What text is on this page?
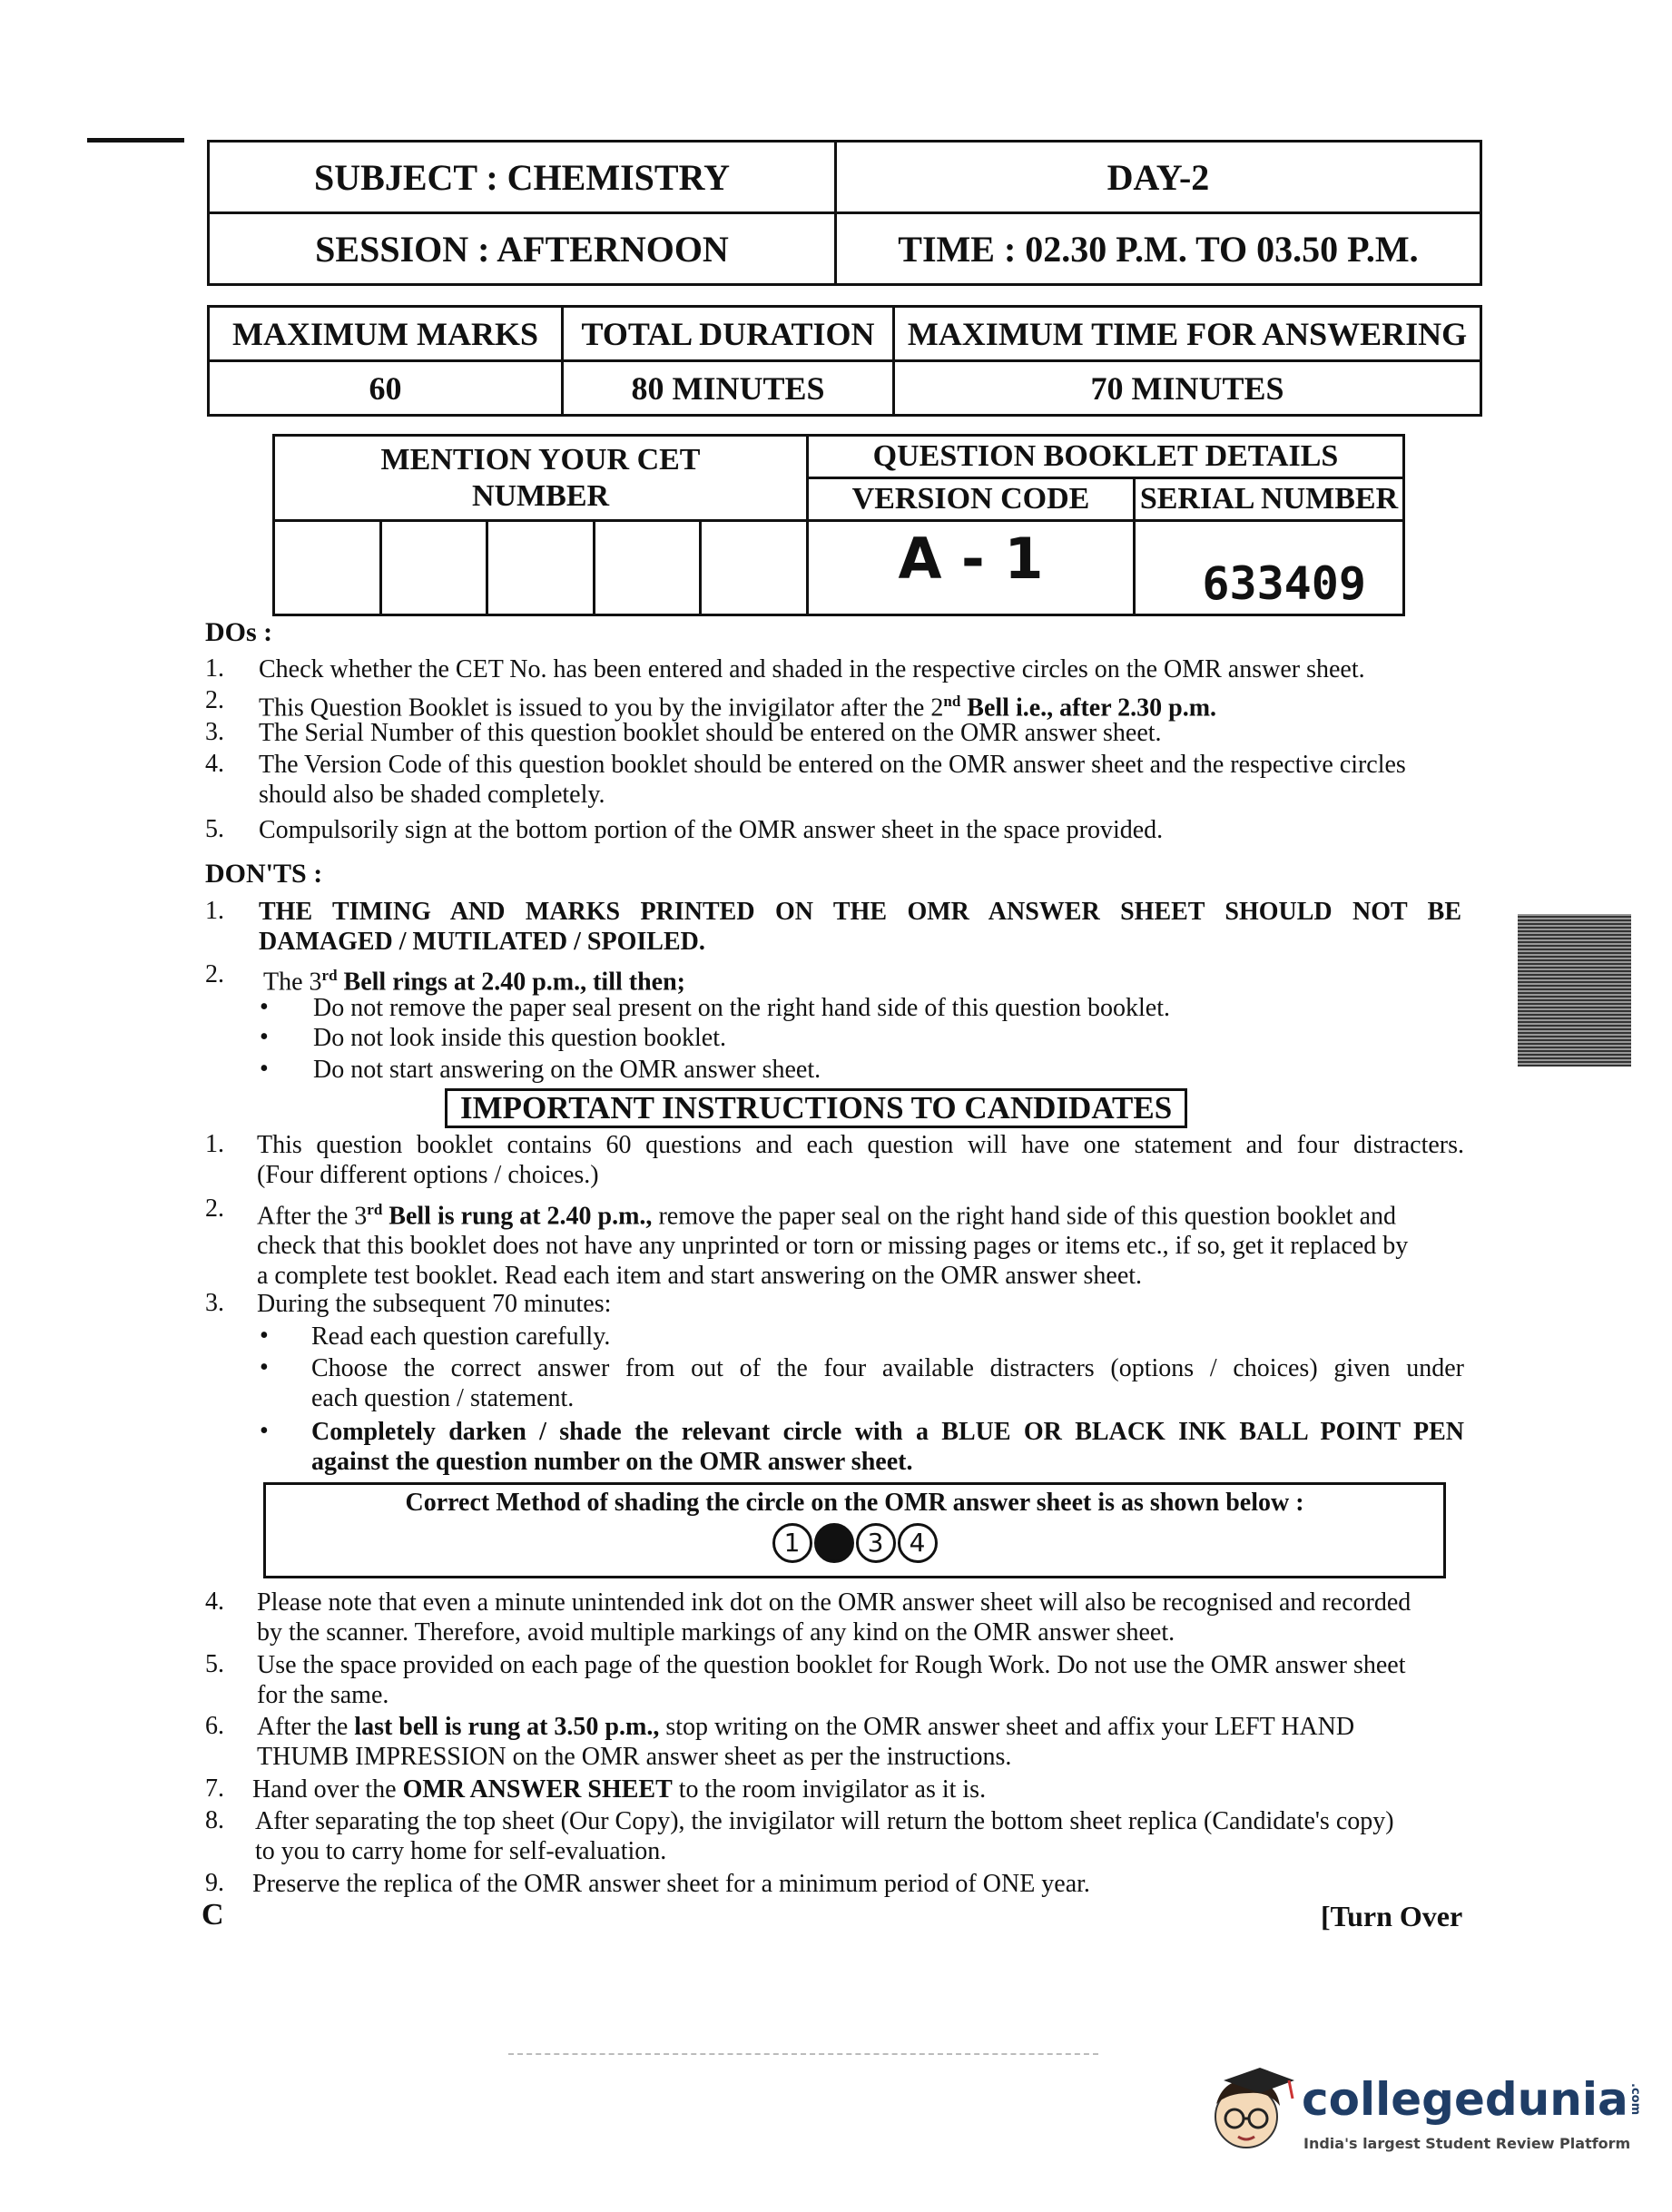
SUBJECT : CHEMISTRY	DAY-2
SESSION : AFTERNOON	TIME : 02.30 P.M. TO 03.50 P.M.
MAXIMUM MARKS	TOTAL DURATION	MAXIMUM TIME FOR ANSWERING
60	80 MINUTES	70 MINUTES
MENTION YOUR CET NUMBER					QUESTION BOOKLET DETAILS	
					VERSION CODE	SERIAL NUMBER
					A - 1	633409
DOs :
1. Check whether the CET No. has been entered and shaded in the respective circles on the OMR answer sheet.
2. This Question Booklet is issued to you by the invigilator after the 2nd Bell i.e., after 2.30 p.m.
3. The Serial Number of this question booklet should be entered on the OMR answer sheet.
4. The Version Code of this question booklet should be entered on the OMR answer sheet and the respective circles
should also be shaded completely.
5. Compulsorily sign at the bottom portion of the OMR answer sheet in the space provided.
DON'TS :
1. THE TIMING AND MARKS PRINTED ON THE OMR ANSWER SHEET SHOULD NOT BE
DAMAGED / MUTILATED / SPOILED.
2. The 3rd Bell rings at 2.40 p.m., till then;
• Do not remove the paper seal present on the right hand side of this question booklet.
• Do not look inside this question booklet.
• Do not start answering on the OMR answer sheet.
IMPORTANT INSTRUCTIONS TO CANDIDATES
1. This question booklet contains 60 questions and each question will have one statement and four distracters.
(Four different options / choices.)
2. After the 3rd Bell is rung at 2.40 p.m., remove the paper seal on the right hand side of this question booklet and
check that this booklet does not have any unprinted or torn or missing pages or items etc., if so, get it replaced by
a complete test booklet. Read each item and start answering on the OMR answer sheet.
3. During the subsequent 70 minutes:
• Read each question carefully.
• Choose the correct answer from out of the four available distracters (options / choices) given under
each question / statement.
• Completely darken / shade the relevant circle with a BLUE OR BLACK INK BALL POINT PEN
against the question number on the OMR answer sheet.
Correct Method of shading the circle on the OMR answer sheet is as shown below :
1	3 4
4. Please note that even a minute unintended ink dot on the OMR answer sheet will also be recognised and recorded
by the scanner. Therefore, avoid multiple markings of any kind on the OMR answer sheet.
5. Use the space provided on each page of the question booklet for Rough Work. Do not use the OMR answer sheet
for the same.
6. After the last bell is rung at 3.50 p.m., stop writing on the OMR answer sheet and affix your LEFT HAND
THUMB IMPRESSION on the OMR answer sheet as per the instructions.
7. Hand over the OMR ANSWER SHEET to the room invigilator as it is.
8. After separating the top sheet (Our Copy), the invigilator will return the bottom sheet replica (Candidate's copy)
to you to carry home for self-evaluation.
9. Preserve the replica of the OMR answer sheet for a minimum period of ONE year.
C	[Turn Over
collegedunia.com
India's largest Student Review Platform
